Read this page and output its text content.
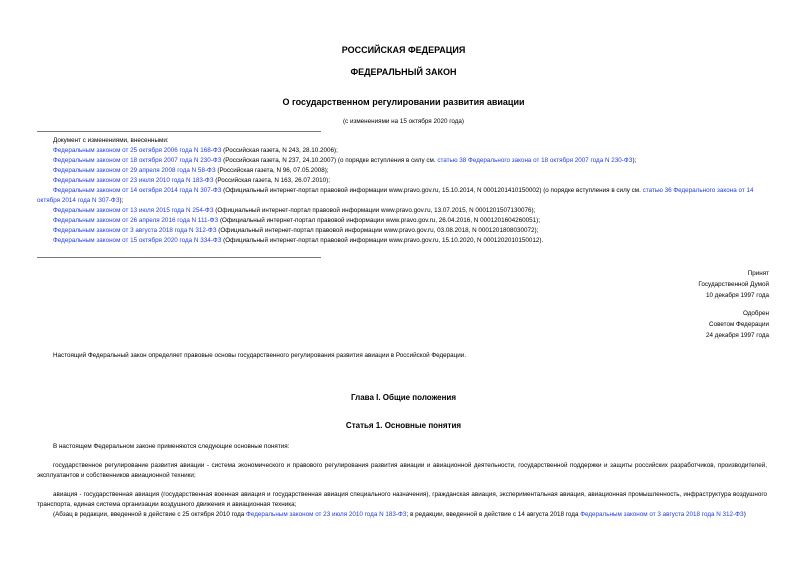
РОССИЙСКАЯ ФЕДЕРАЦИЯ
ФЕДЕРАЛЬНЫЙ ЗАКОН
О государственном регулировании развития авиации
(с изменениями на 15 октября 2020 года)
Документ с изменениями, внесенными:
Федеральным законом от 25 октября 2006 года N 168-ФЗ (Российская газета, N 243, 28.10.2006);
Федеральным законом от 18 октября 2007 года N 230-ФЗ (Российская газета, N 237, 24.10.2007) (о порядке вступления в силу см. статью 38 Федерального закона от 18 октября 2007 года N 230-ФЗ);
Федеральным законом от 29 апреля 2008 года N 58-ФЗ (Российская газета, N 96, 07.05.2008);
Федеральным законом от 23 июля 2010 года N 183-ФЗ (Российская газета, N 163, 26.07.2010);
Федеральным законом от 14 октября 2014 года N 307-ФЗ (Официальный интернет-портал правовой информации www.pravo.gov.ru, 15.10.2014, N 0001201410150002) (о порядке вступления в силу см. статью 36 Федерального закона от 14 октября 2014 года N 307-ФЗ);
Федеральным законом от 13 июля 2015 года N 254-ФЗ (Официальный интернет-портал правовой информации www.pravo.gov.ru, 13.07.2015, N 0001201507130076);
Федеральным законом от 26 апреля 2016 года N 111-ФЗ (Официальный интернет-портал правовой информации www.pravo.gov.ru, 26.04.2016, N 0001201604260051);
Федеральным законом от 3 августа 2018 года N 312-ФЗ (Официальный интернет-портал правовой информации www.pravo.gov.ru, 03.08.2018, N 0001201808030072);
Федеральным законом от 15 октября 2020 года N 334-ФЗ (Официальный интернет-портал правовой информации www.pravo.gov.ru, 15.10.2020, N 0001202010150012).
Принят
Государственной Думой
10 декабря 1997 года
Одобрен
Советом Федерации
24 декабря 1997 года
Настоящий Федеральный закон определяет правовые основы государственного регулирования развития авиации в Российской Федерации.
Глава I. Общие положения
Статья 1. Основные понятия

В настоящем Федеральном законе применяются следующие основные понятия:

государственное регулирование развития авиации - система экономического и правового регулирования развития авиации и авиационной деятельности, государственной поддержки и защиты российских разработчиков, производителей, эксплуатантов и собственников авиационной техники;

авиация - государственная авиация (государственная военная авиация и государственная авиация специального назначения), гражданская авиация, экспериментальная авиация, авиационная промышленность, инфраструктура воздушного транспорта, единая система организации воздушного движения и авиационная техника;

(Абзац в редакции, введенной в действие с 25 октября 2010 года Федеральным законом от 23 июля 2010 года N 183-ФЗ; в редакции, введенной в действие с 14 августа 2018 года Федеральным законом от 3 августа 2018 года N 312-ФЗ)
